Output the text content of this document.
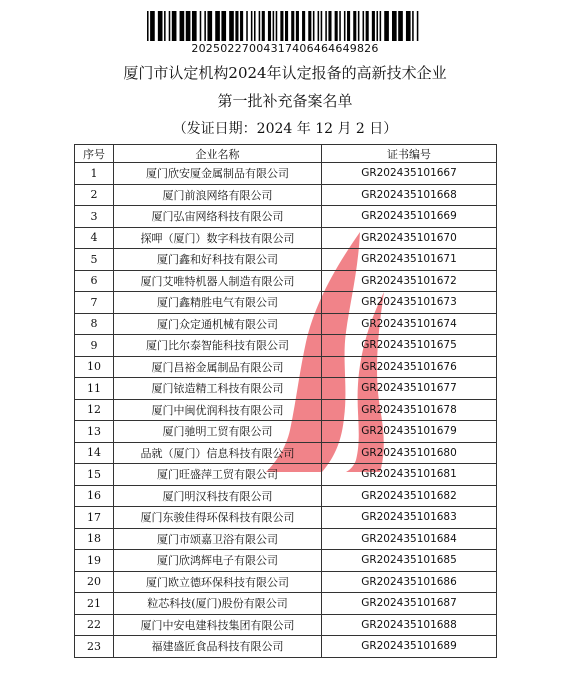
20250227004317406464649826
厦门市认定机构2024年认定报备的高新技术企业
第一批补充备案名单
（发证日期：2024 年 12 月 2 日）
序号	企业名称	证书编号
1	厦门欣安厦金属制品有限公司	GR202435101667
2	厦门前浪网络有限公司	GR202435101668
3	厦门弘宙网络科技有限公司	GR202435101669
4	探呷（厦门）数字科技有限公司	GR202435101670
5	厦门鑫和好科技有限公司	GR202435101671
6	厦门艾唯特机器人制造有限公司	GR202435101672
7	厦门鑫精胜电气有限公司	GR202435101673
8	厦门众定通机械有限公司	GR202435101674
9	厦门比尔泰智能科技有限公司	GR202435101675
10	厦门昌裕金属制品有限公司	GR202435101676
11	厦门铱造精工科技有限公司	GR202435101677
12	厦门中闽优润科技有限公司	GR202435101678
13	厦门驰明工贸有限公司	GR202435101679
14	品就（厦门）信息科技有限公司	GR202435101680
15	厦门旺盛萍工贸有限公司	GR202435101681
16	厦门明汉科技有限公司	GR202435101682
17	厦门东骏佳得环保科技有限公司	GR202435101683
18	厦门市颂嘉卫浴有限公司	GR202435101684
19	厦门欣鸿辉电子有限公司	GR202435101685
20	厦门欧立德环保科技有限公司	GR202435101686
21	粒芯科技(厦门)股份有限公司	GR202435101687
22	厦门中安电建科技集团有限公司	GR202435101688
23	福建盛匠食品科技有限公司	GR202435101689
